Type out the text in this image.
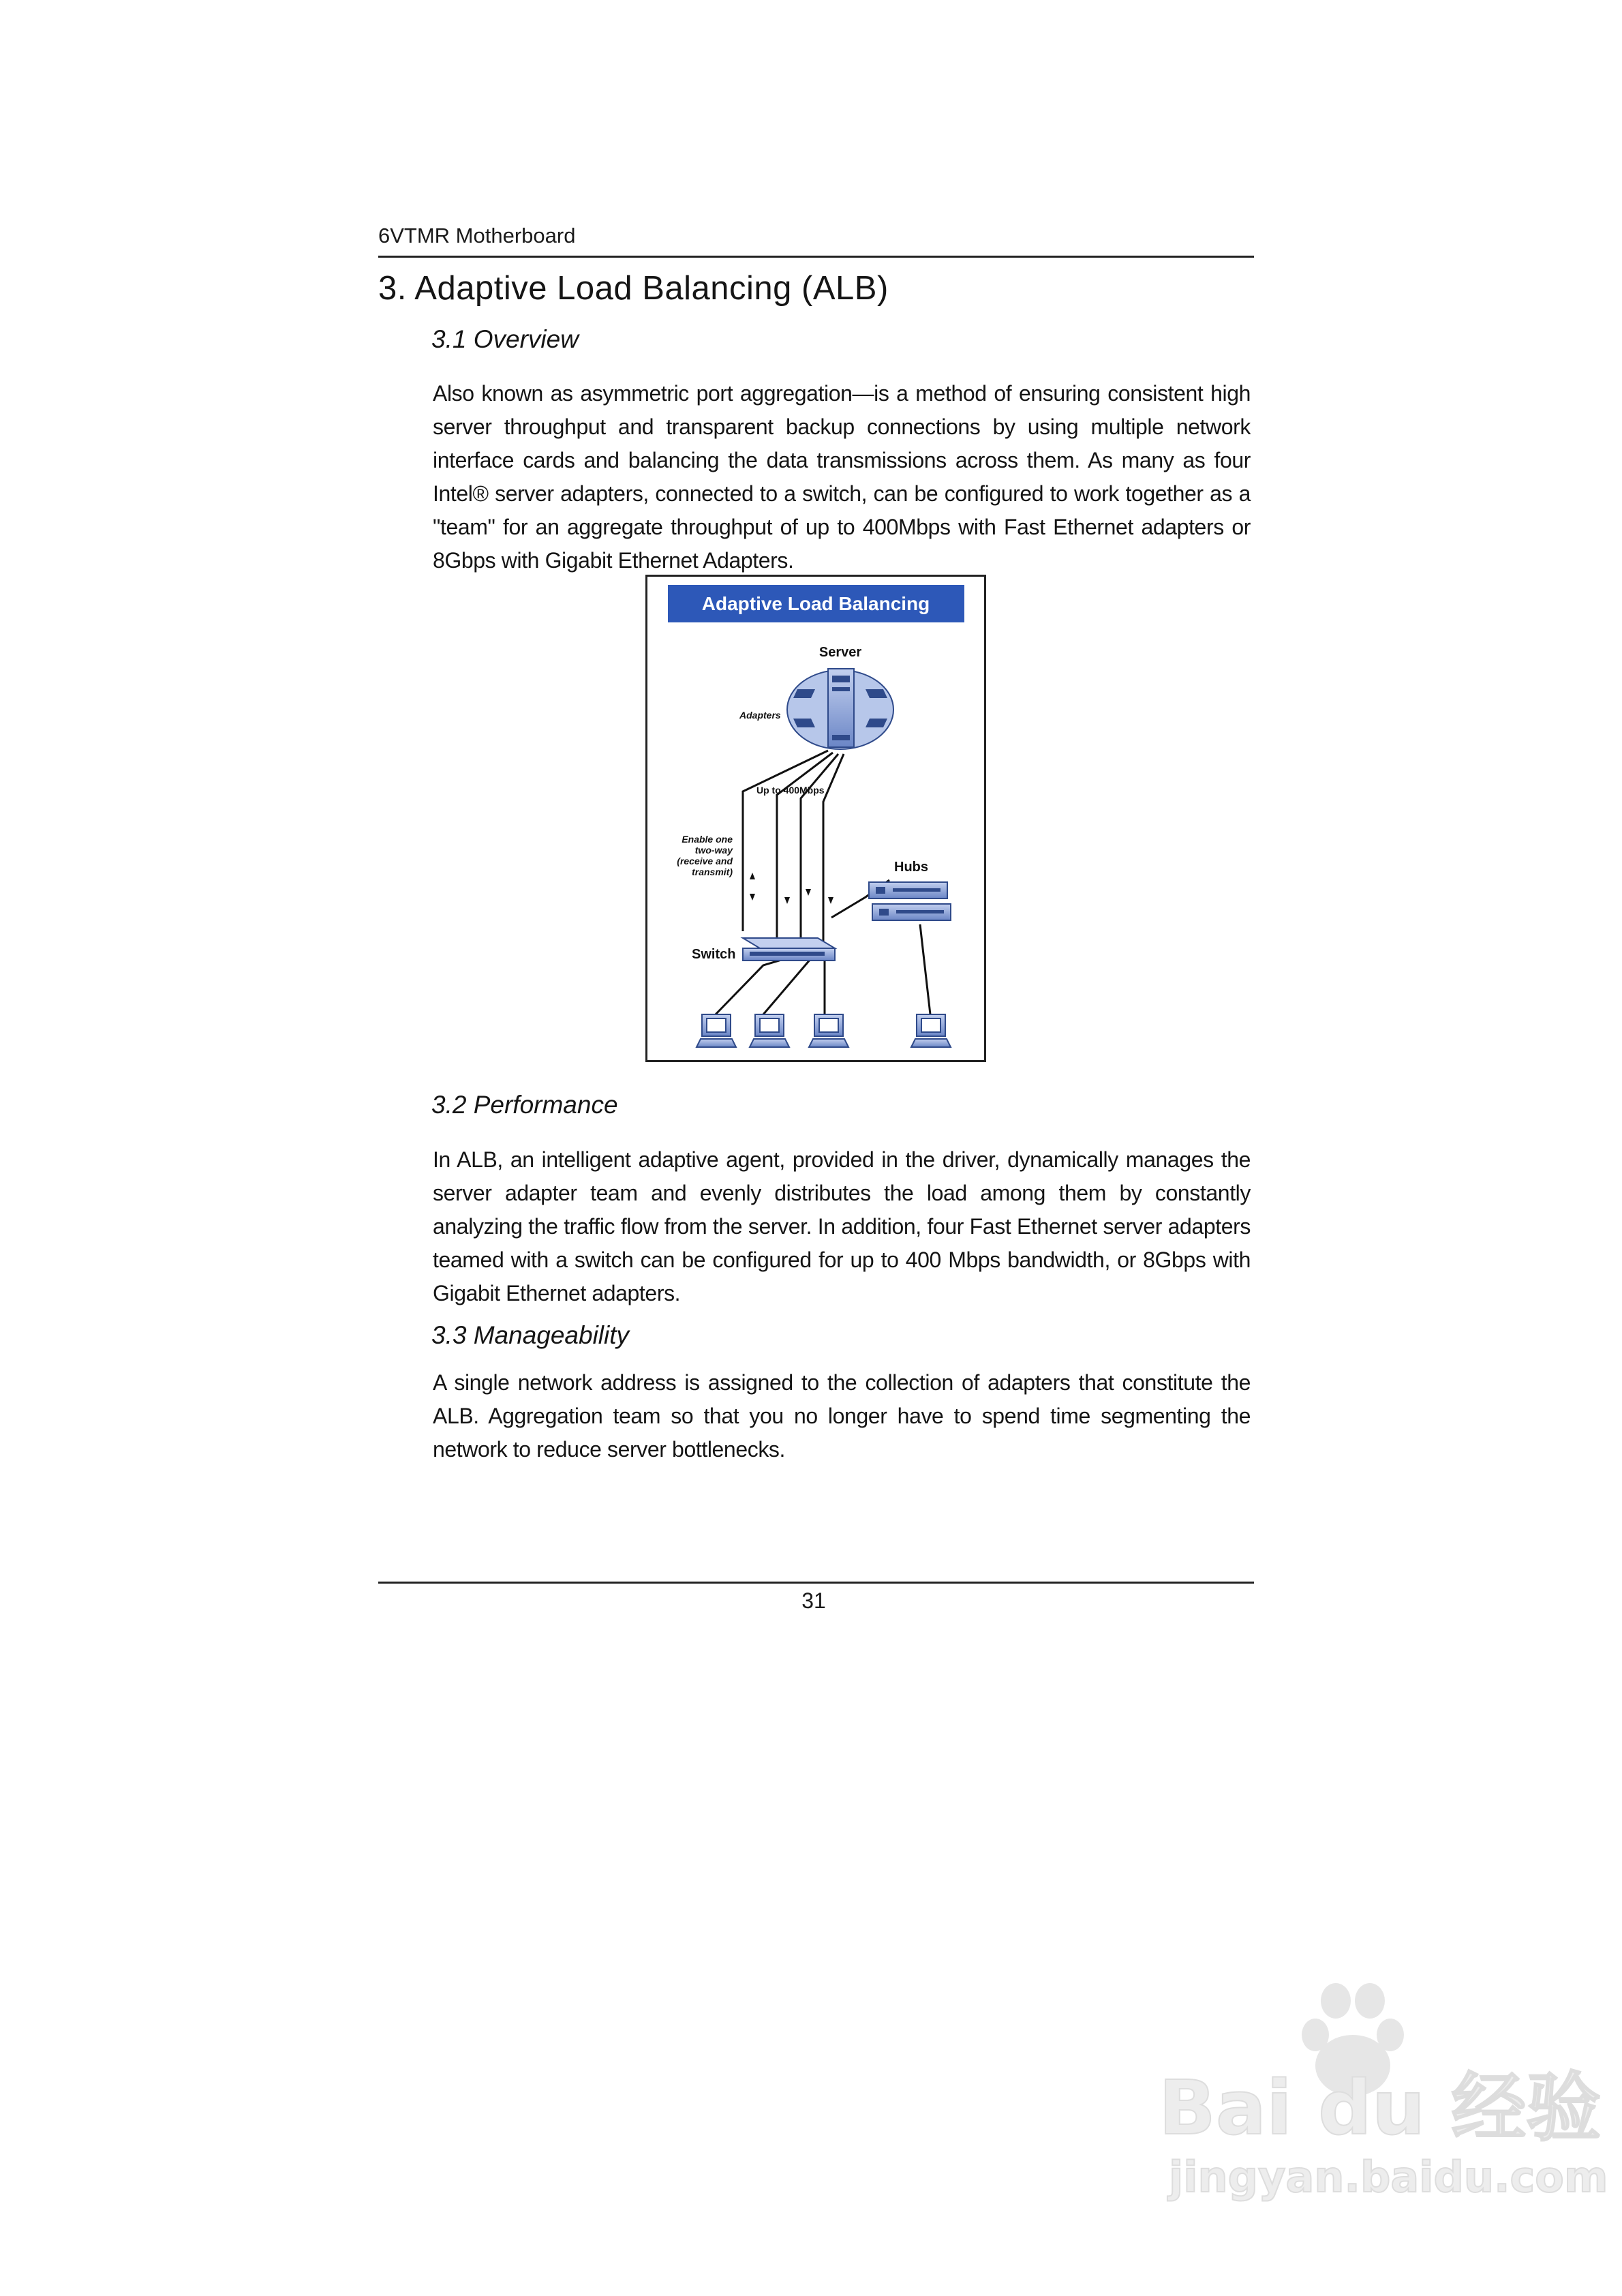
6VTMR Motherboard
3. Adaptive Load Balancing (ALB)
3.1 Overview
Also known as asymmetric port aggregation—is a method of ensuring consistent high server throughput and transparent backup connections by using multiple network interface cards and balancing the data transmissions across them. As many as four Intel® server adapters, connected to a switch, can be configured to work together as a "team" for an aggregate throughput of up to 400Mbps with Fast Ethernet adapters or 8Gbps with Gigabit Ethernet Adapters.
Adaptive Load Balancing
Server
Adapters
Up to 400Mbps
Enable one
two-way
(receive and
transmit)	Hubs
Switch
3.2 Performance
In ALB, an intelligent adaptive agent, provided in the driver, dynamically manages the server adapter team and evenly distributes the load among them by constantly analyzing the traffic flow from the server. In addition, four Fast Ethernet server adapters teamed with a switch can be configured for up to 400 Mbps bandwidth, or 8Gbps with Gigabit Ethernet adapters.
3.3 Manageability
A single network address is assigned to the collection of adapters that constitute the ALB. Aggregation team so that you no longer have to spend time segmenting the network to reduce server bottlenecks.
31
Bai du 经验
jingyan.baidu.com
